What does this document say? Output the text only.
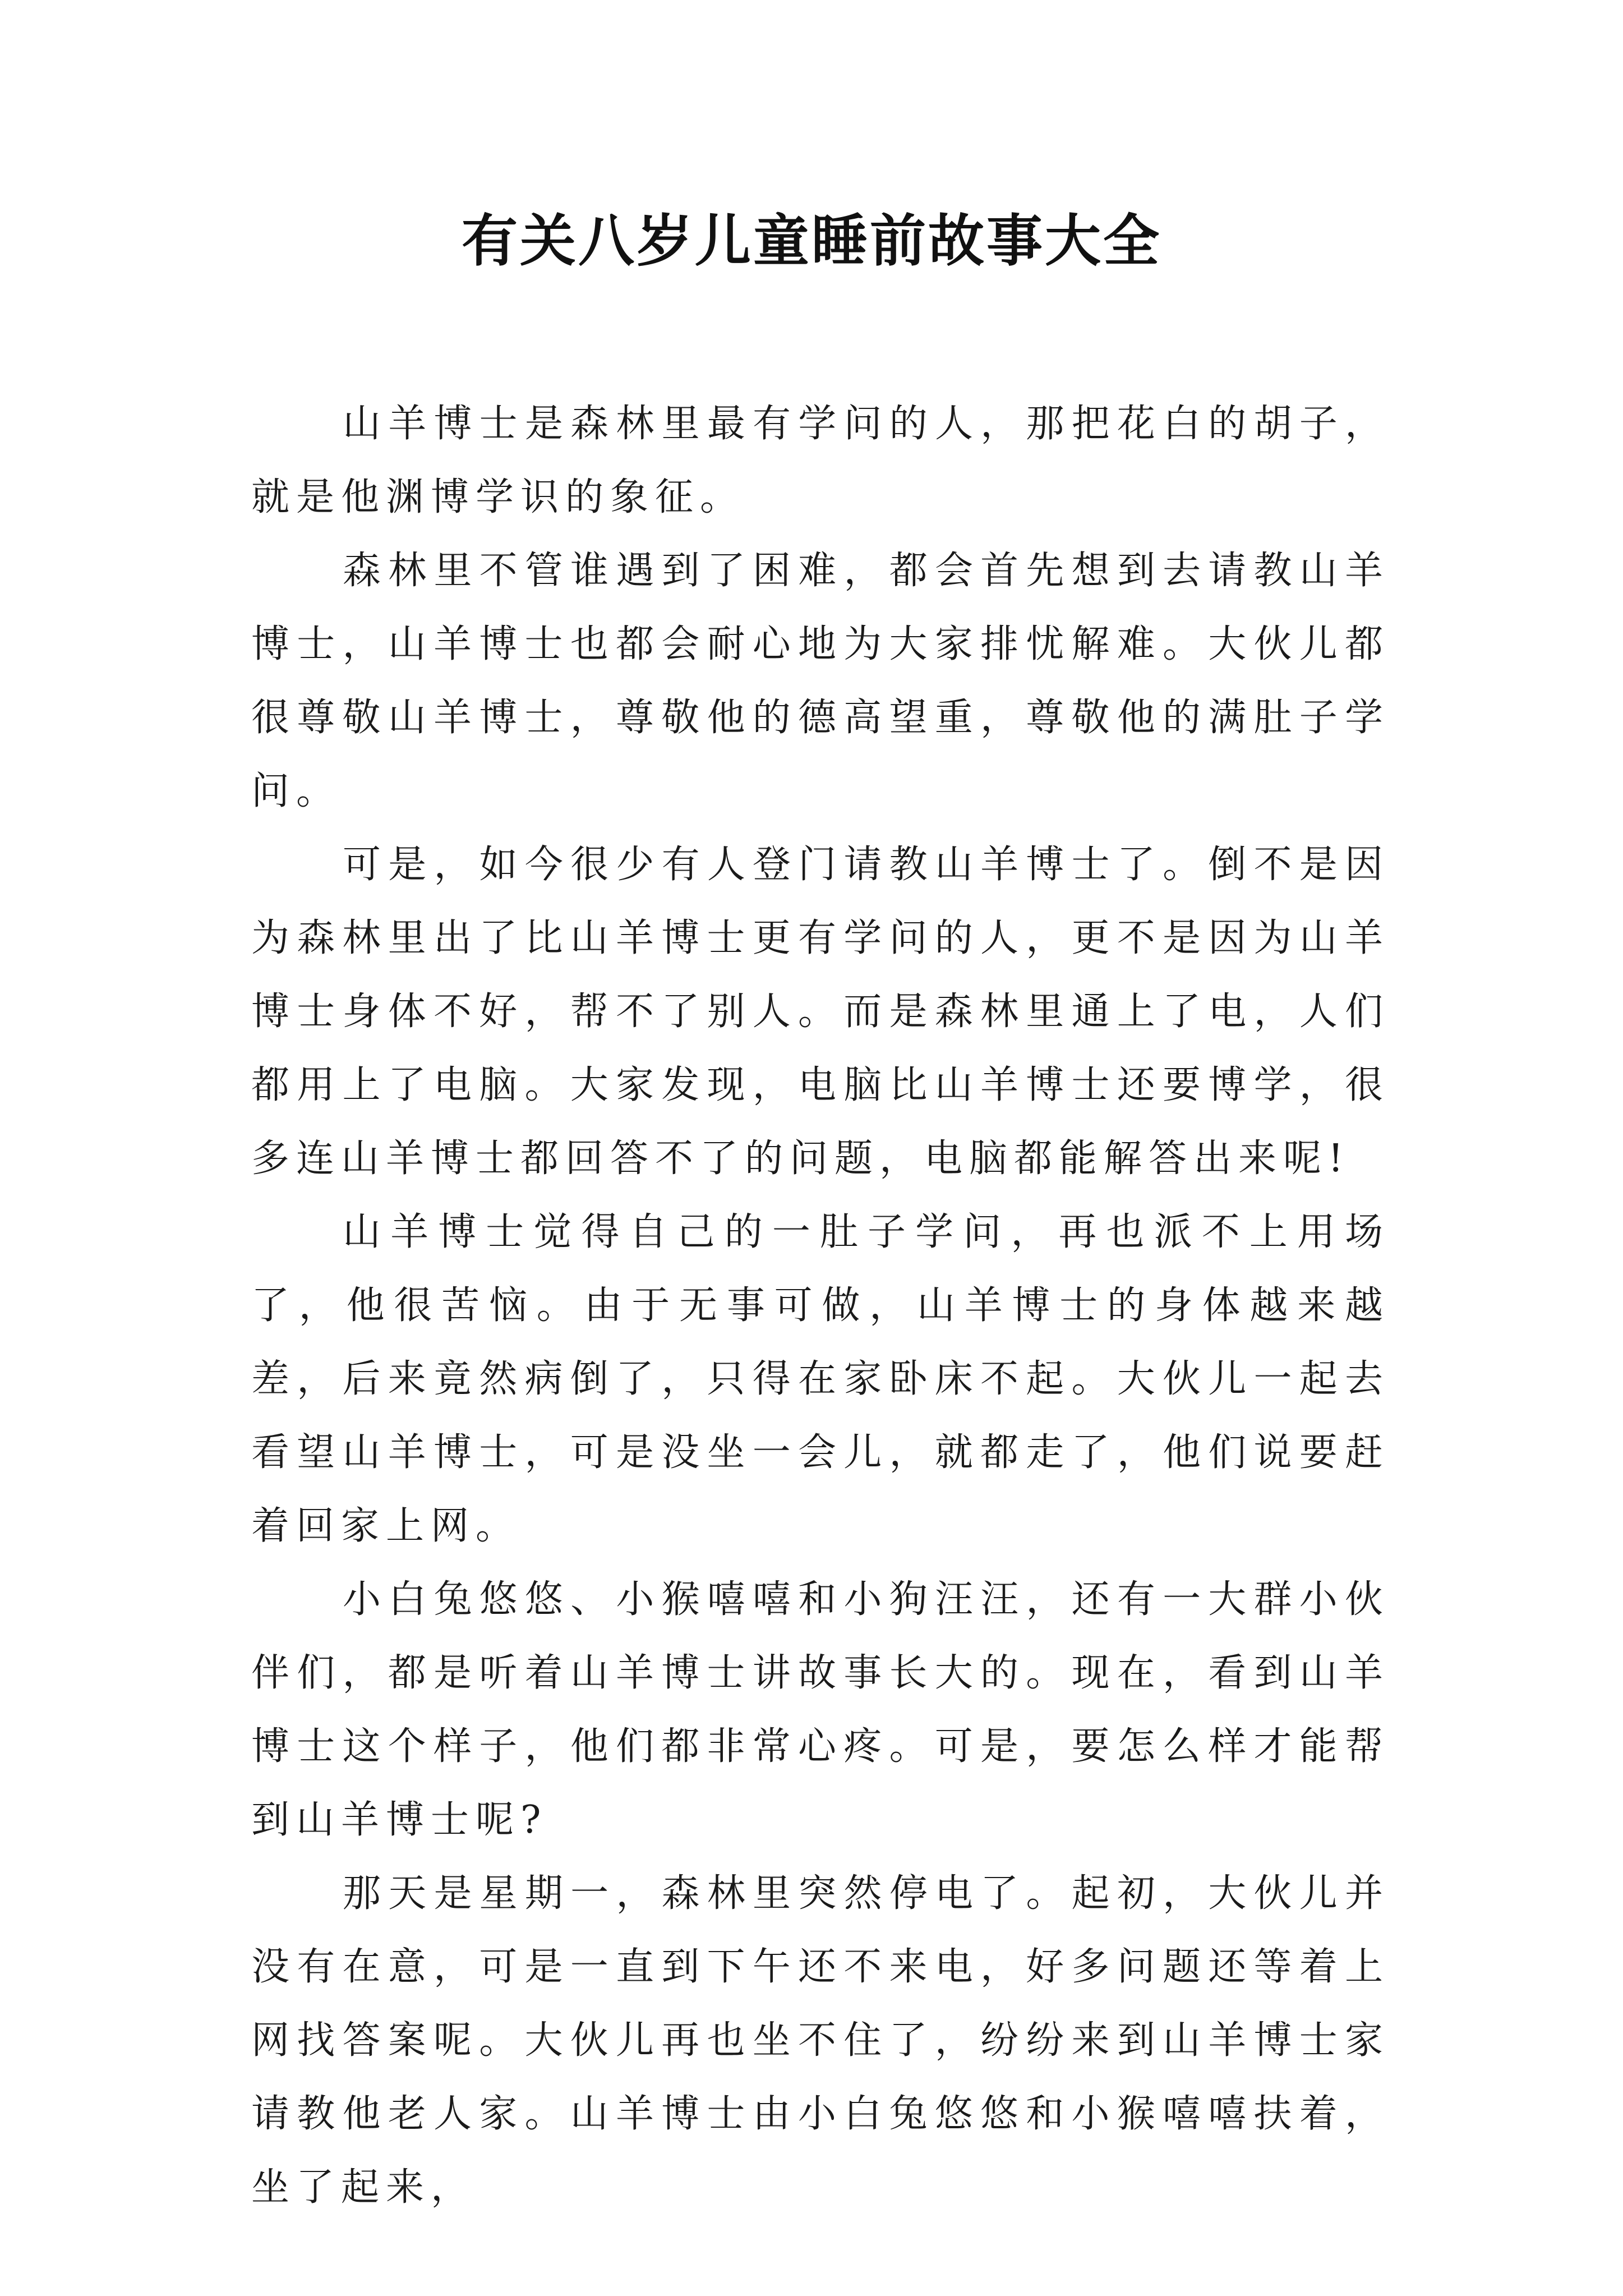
有关八岁儿童睡前故事大全

山羊博士是森林里最有学问的人，那把花白的胡子，就是他渊博学识的象征。

森林里不管谁遇到了困难，都会首先想到去请教山羊博士，山羊博士也都会耐心地为大家排忧解难。大伙儿都很尊敬山羊博士，尊敬他的德高望重，尊敬他的满肚子学问。

可是，如今很少有人登门请教山羊博士了。倒不是因为森林里出了比山羊博士更有学问的人，更不是因为山羊博士身体不好，帮不了别人。而是森林里通上了电，人们都用上了电脑。大家发现，电脑比山羊博士还要博学，很多连山羊博士都回答不了的问题，电脑都能解答出来呢!

山羊博士觉得自己的一肚子学问，再也派不上用场了，他很苦恼。由于无事可做，山羊博士的身体越来越差，后来竟然病倒了，只得在家卧床不起。大伙儿一起去看望山羊博士，可是没坐一会儿，就都走了，他们说要赶着回家上网。

小白兔悠悠、小猴嘻嘻和小狗汪汪，还有一大群小伙伴们，都是听着山羊博士讲故事长大的。现在，看到山羊博士这个样子，他们都非常心疼。可是，要怎么样才能帮到山羊博士呢?

那天是星期一，森林里突然停电了。起初，大伙儿并没有在意，可是一直到下午还不来电，好多问题还等着上网找答案呢。大伙儿再也坐不住了，纷纷来到山羊博士家请教他老人家。山羊博士由小白兔悠悠和小猴嘻嘻扶着，坐了起来，
